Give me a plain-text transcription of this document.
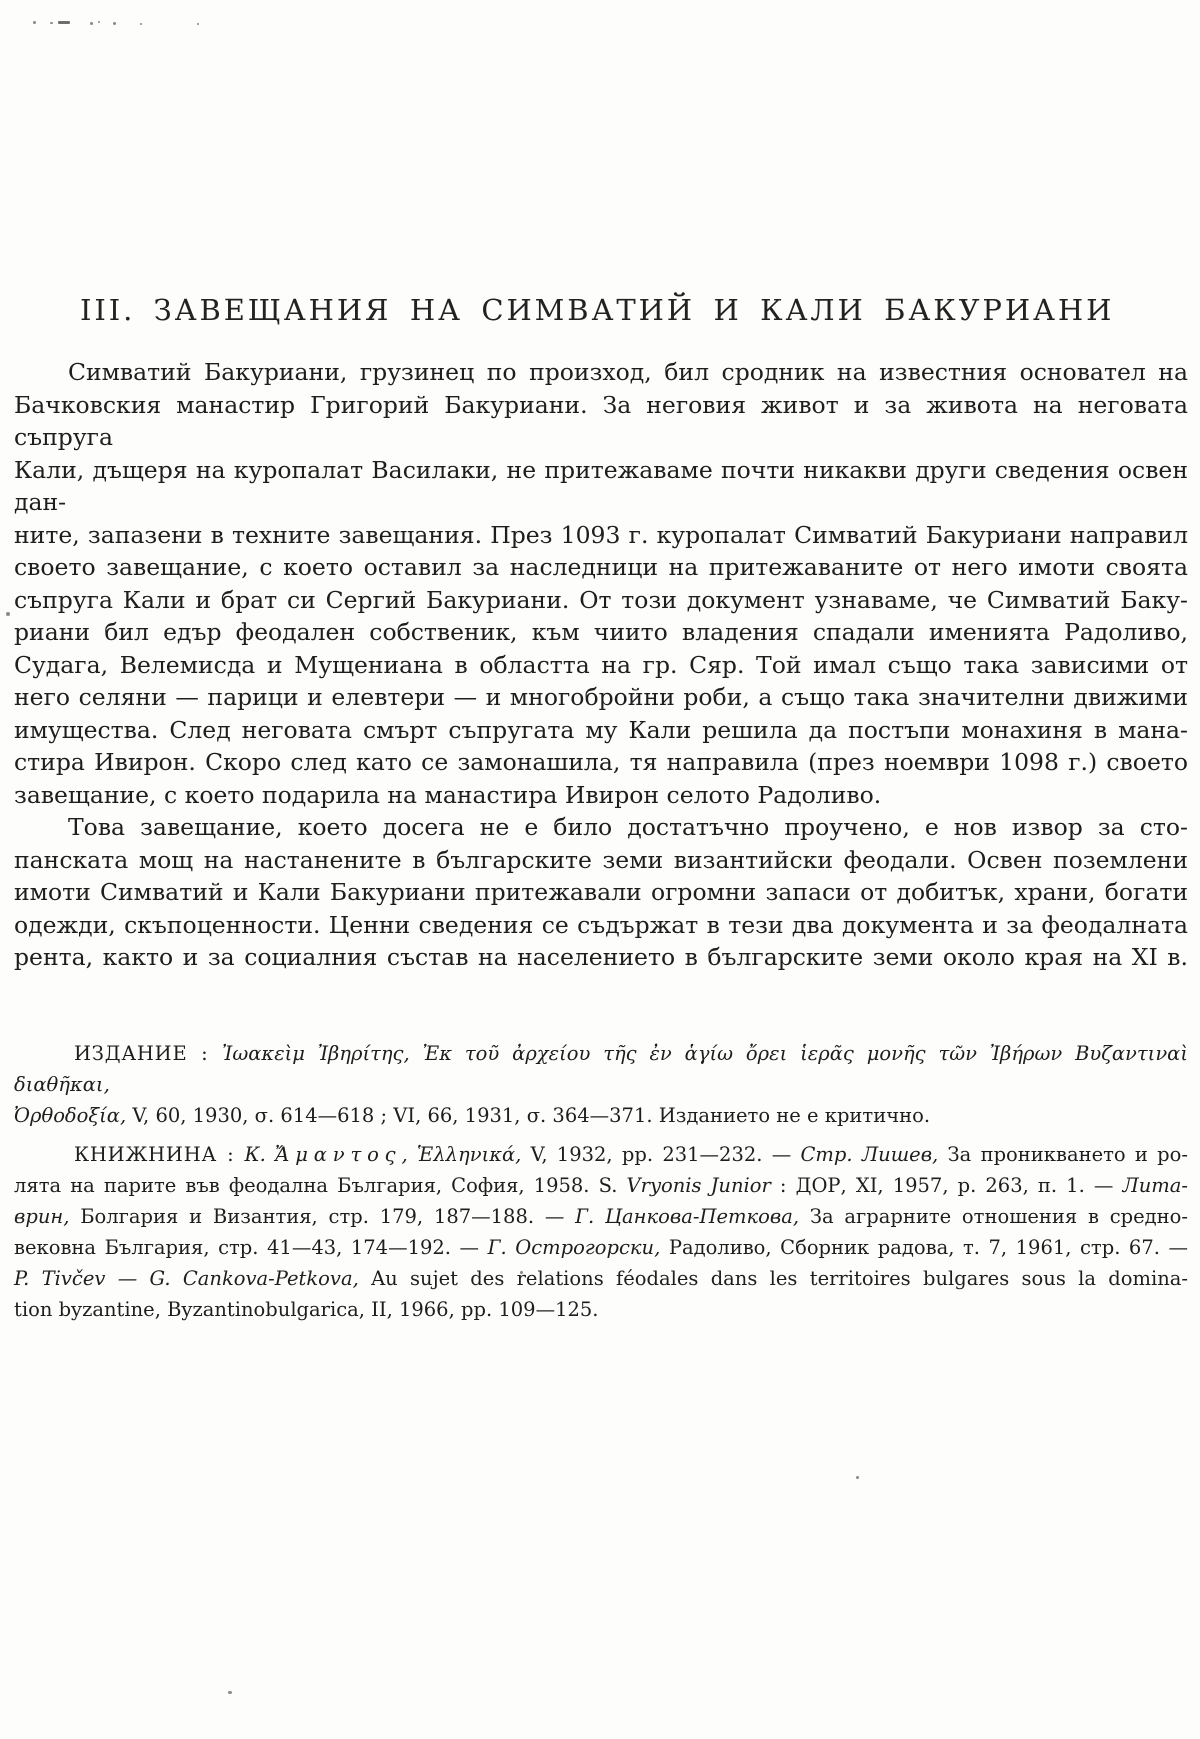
III. ЗАВЕЩАНИЯ НА СИМВАТИЙ И КАЛИ БАКУРИАНИ
Симватий Бакуриани, грузинец по произход, бил сродник на известния основател на
Бачковския манастир Григорий Бакуриани. За неговия живот и за живота на неговата съпруга
Кали, дъщеря на куропалат Василаки, не притежаваме почти никакви други сведения освен дан-
ните, запазени в техните завещания. През 1093 г. куропалат Симватий Бакуриани направил
своето завещание, с което оставил за наследници на притежаваните от него имоти своята
съпруга Кали и брат си Сергий Бакуриани. От този документ узнаваме, че Симватий Баку-
риани бил едър феодален собственик, към чиито владения спадали именията Радоливо,
Судага, Велемисда и Мущениана в областта на гр. Сяр. Той имал също така зависими от
него селяни — парици и елевтери — и многобройни роби, а също така значителни движими
имущества. След неговата смърт съпругата му Кали решила да постъпи монахиня в мана-
стира Ивирон. Скоро след като се замонашила, тя направила (през ноември 1098 г.) своето
завещание, с което подарила на манастира Ивирон селото Радоливо.
Това завещание, което досега не е било достатъчно проучено, е нов извор за сто-
панската мощ на настанените в българските земи византийски феодали. Освен поземлени
имоти Симватий и Кали Бакуриани притежавали огромни запаси от добитък, храни, богати
одежди, скъпоценности. Ценни сведения се съдържат в тези два документа и за феодалната
рента, както и за социалния състав на населението в българските земи около края на XI в.
ИЗДАНИЕ : Ἰωακεὶμ Ἰβηρίτης, Ἐκ τοῦ ἀρχείου τῆς ἐν ἁγίω ὄρει ἱερᾶς μονῆς τῶν Ἰβήρων Βυζαντιναὶ διαθῆκαι,
Ὀρθοδοξία, V, 60, 1930, σ. 614—618 ; VI, 66, 1931, σ. 364—371. Изданието не е критично.
КНИЖНИНА : К. Ἄμαντος, Ἑλληνικά, V, 1932, pp. 231—232. — Стр. Лишев, За проникването и ро-
лята на парите във феодална България, София, 1958. S. Vryonis Junior : ДОР, XI, 1957, p. 263, п. 1. — Лита-
врин, Болгария и Византия, стр. 179, 187—188. — Г. Цанкова-Петкова, За аграрните отношения в средно-
вековна България, стр. 41—43, 174—192. — Г. Острогорски, Радоливо, Сборник радова, т. 7, 1961, стр. 67. —
P. Tivčev — G. Cankova-Petkova, Au sujet des relations féodales dans les territoires bulgares sous la domina-
tion byzantine, Byzantinobulgarica, II, 1966, pp. 109—125.
